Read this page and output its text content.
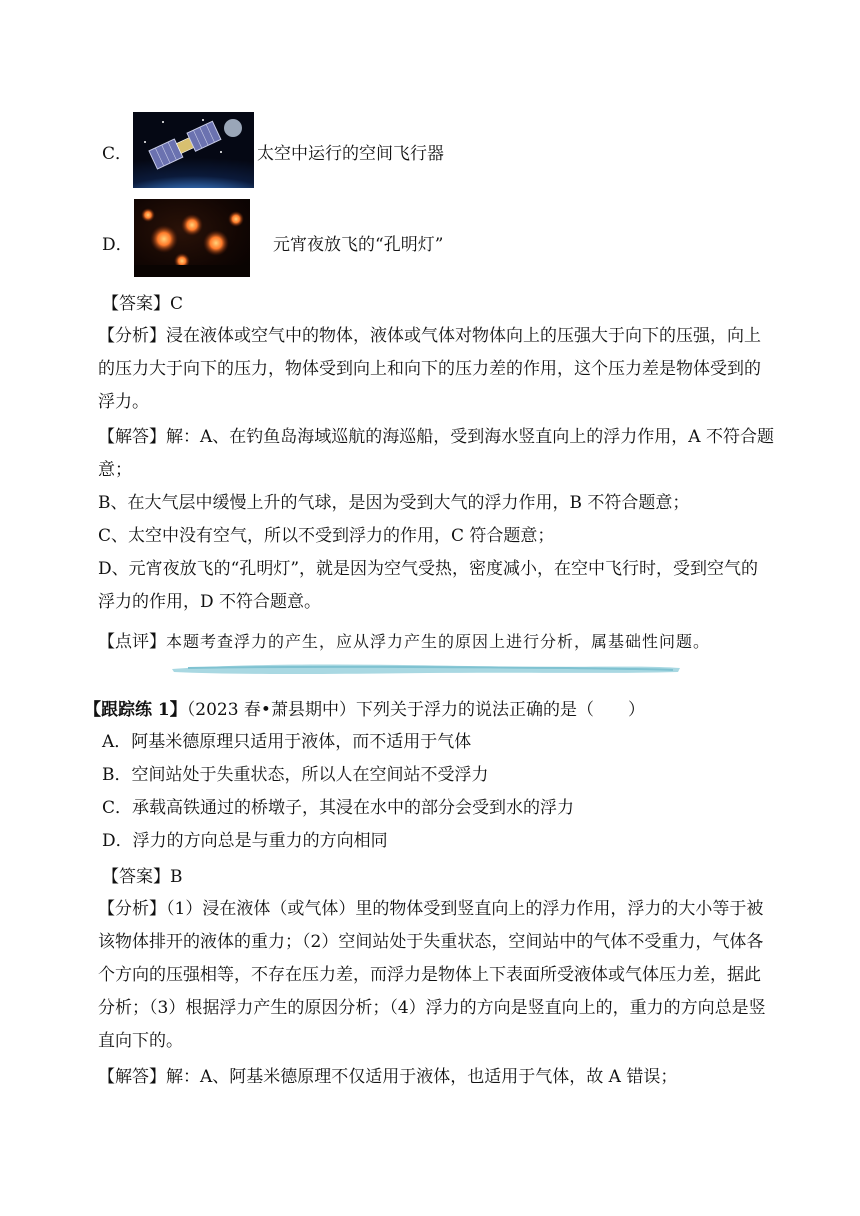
C．	太空中运行的空间飞行器
D．	元宵夜放飞的“孔明灯”
【答案】C
【分析】浸在液体或空气中的物体，液体或气体对物体向上的压强大于向下的压强，向上
的压力大于向下的压力，物体受到向上和向下的压力差的作用，这个压力差是物体受到的
浮力。
【解答】解：A、在钓鱼岛海域巡航的海巡船，受到海水竖直向上的浮力作用，A 不符合题
意；
B、在大气层中缓慢上升的气球，是因为受到大气的浮力作用，B 不符合题意；
C、太空中没有空气，所以不受到浮力的作用，C 符合题意；
D、元宵夜放飞的“孔明灯”，就是因为空气受热，密度减小，在空中飞行时，受到空气的
浮力的作用，D 不符合题意。
【点评】本题考查浮力的产生，应从浮力产生的原因上进行分析，属基础性问题。
【跟踪练 1】（2023 春•萧县期中）下列关于浮力的说法正确的是（　　）
A．阿基米德原理只适用于液体，而不适用于气体
B．空间站处于失重状态，所以人在空间站不受浮力
C．承载高铁通过的桥墩子，其浸在水中的部分会受到水的浮力
D．浮力的方向总是与重力的方向相同
【答案】B
【分析】（1）浸在液体（或气体）里的物体受到竖直向上的浮力作用，浮力的大小等于被
该物体排开的液体的重力；（2）空间站处于失重状态，空间站中的气体不受重力，气体各
个方向的压强相等，不存在压力差，而浮力是物体上下表面所受液体或气体压力差，据此
分析；（3）根据浮力产生的原因分析；（4）浮力的方向是竖直向上的，重力的方向总是竖
直向下的。
【解答】解：A、阿基米德原理不仅适用于液体，也适用于气体，故 A 错误；
